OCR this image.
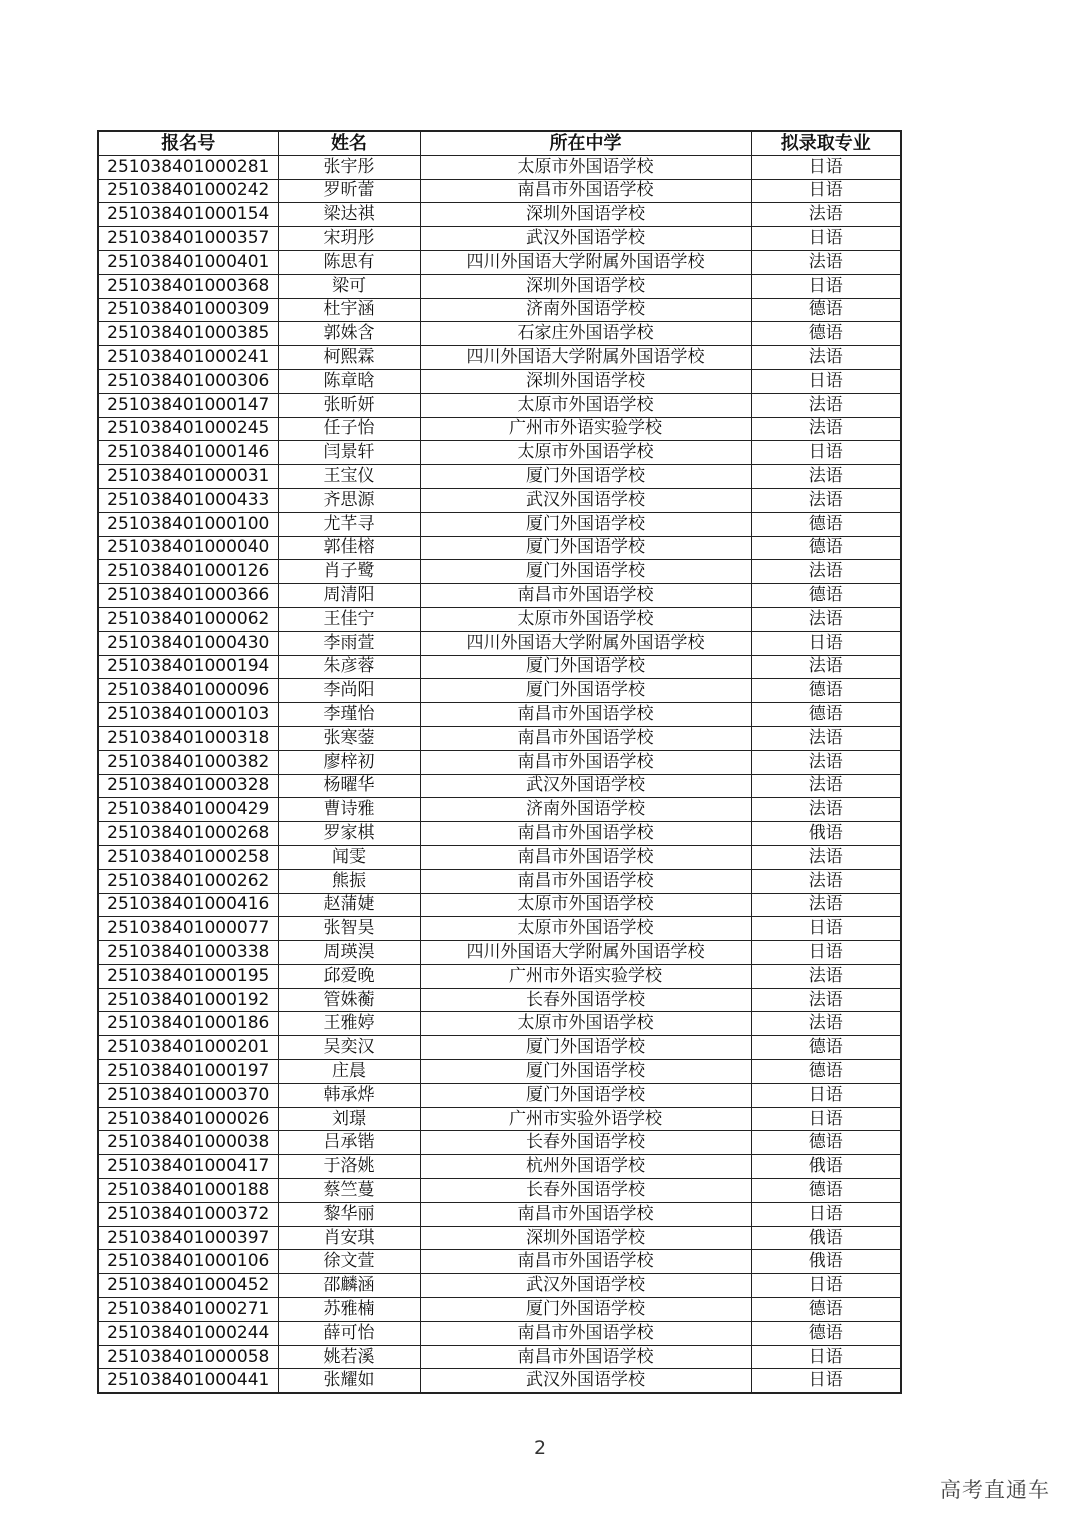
报名号	姓名	所在中学	拟录取专业
251038401000281	张宇彤	太原市外国语学校	日语
251038401000242	罗昕蕾	南昌市外国语学校	日语
251038401000154	梁达祺	深圳外国语学校	法语
251038401000357	宋玥彤	武汉外国语学校	日语
251038401000401	陈思有	四川外国语大学附属外国语学校	法语
251038401000368	梁可	深圳外国语学校	日语
251038401000309	杜宇涵	济南外国语学校	德语
251038401000385	郭姝含	石家庄外国语学校	德语
251038401000241	柯熙霖	四川外国语大学附属外国语学校	法语
251038401000306	陈章晗	深圳外国语学校	日语
251038401000147	张昕妍	太原市外国语学校	法语
251038401000245	任子怡	广州市外语实验学校	法语
251038401000146	闫景轩	太原市外国语学校	日语
251038401000031	王宝仪	厦门外国语学校	法语
251038401000433	齐思源	武汉外国语学校	法语
251038401000100	尤芊寻	厦门外国语学校	德语
251038401000040	郭佳榕	厦门外国语学校	德语
251038401000126	肖子鹭	厦门外国语学校	法语
251038401000366	周清阳	南昌市外国语学校	德语
251038401000062	王佳宁	太原市外国语学校	法语
251038401000430	李雨萱	四川外国语大学附属外国语学校	日语
251038401000194	朱彦蓉	厦门外国语学校	法语
251038401000096	李尚阳	厦门外国语学校	德语
251038401000103	李瑾怡	南昌市外国语学校	德语
251038401000318	张寒蓥	南昌市外国语学校	法语
251038401000382	廖梓初	南昌市外国语学校	法语
251038401000328	杨曜华	武汉外国语学校	法语
251038401000429	曹诗雅	济南外国语学校	法语
251038401000268	罗家棋	南昌市外国语学校	俄语
251038401000258	闻雯	南昌市外国语学校	法语
251038401000262	熊振	南昌市外国语学校	法语
251038401000416	赵蒲婕	太原市外国语学校	法语
251038401000077	张智昊	太原市外国语学校	日语
251038401000338	周瑛淏	四川外国语大学附属外国语学校	日语
251038401000195	邱爱晚	广州市外语实验学校	法语
251038401000192	管姝蘅	长春外国语学校	法语
251038401000186	王雅婷	太原市外国语学校	法语
251038401000201	吴奕汉	厦门外国语学校	德语
251038401000197	庄晨	厦门外国语学校	德语
251038401000370	韩承烨	厦门外国语学校	日语
251038401000026	刘璟	广州市实验外语学校	日语
251038401000038	吕承锴	长春外国语学校	德语
251038401000417	于洛姚	杭州外国语学校	俄语
251038401000188	蔡竺蔓	长春外国语学校	德语
251038401000372	黎华丽	南昌市外国语学校	日语
251038401000397	肖安琪	深圳外国语学校	俄语
251038401000106	徐文萱	南昌市外国语学校	俄语
251038401000452	邵麟涵	武汉外国语学校	日语
251038401000271	苏雅楠	厦门外国语学校	德语
251038401000244	薛可怡	南昌市外国语学校	德语
251038401000058	姚若溪	南昌市外国语学校	日语
251038401000441	张耀如	武汉外国语学校	日语
2
高考直通车
